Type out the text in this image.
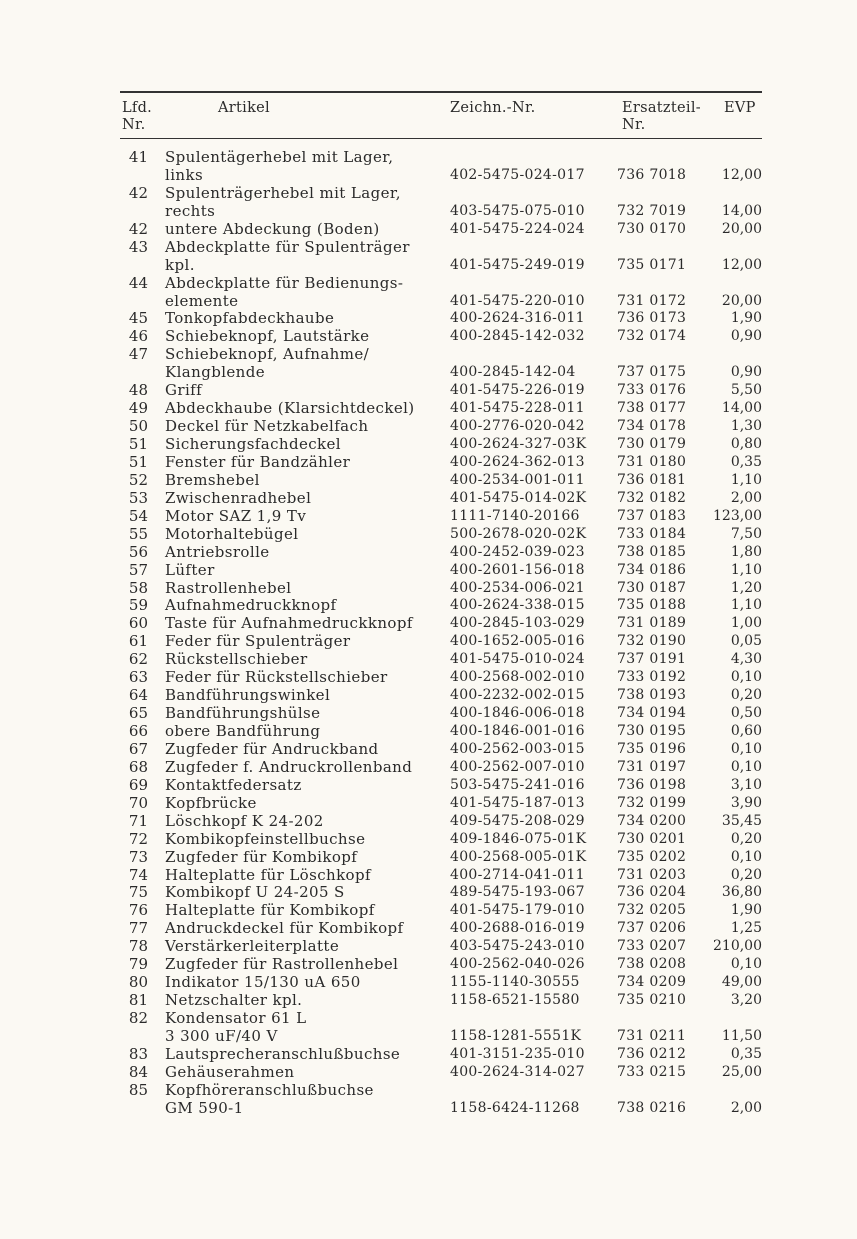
Lfd.
Nr.
Artikel	Zeichn.-Nr.	Ersatzteil-
Nr.
EVP
41 Spulentägerhebel mit Lager,
links	402-5475-024-017 736 7018	12,00
42 Spulenträgerhebel mit Lager,
rechts	403-5475-075-010 732 7019	14,00
42 untere Abdeckung (Boden)	401-5475-224-024 730 0170	20,00
43 Abdeckplatte für Spulenträger
kpl.	401-5475-249-019 735 0171	12,00
44 Abdeckplatte für Bedienungs-
elemente	401-5475-220-010 731 0172	20,00
45 Tonkopfabdeckhaube	400-2624-316-011 736 0173	1,90
46 Schiebeknopf, Lautstärke	400-2845-142-032 732 0174	0,90
47 Schiebeknopf, Aufnahme/
Klangblende	400-2845-142-04	737 0175	0,90
48 Griff	401-5475-226-019 733 0176	5,50
49 Abdeckhaube (Klarsichtdeckel)	401-5475-228-011 738 0177	14,00
50 Deckel für Netzkabelfach	400-2776-020-042 734 0178	1,30
51 Sicherungsfachdeckel	400-2624-327-03K 730 0179	0,80
51 Fenster für Bandzähler	400-2624-362-013 731 0180	0,35
52 Bremshebel	400-2534-001-011 736 0181	1,10
53 Zwischenradhebel	401-5475-014-02K 732 0182	2,00
54 Motor SAZ 1,9 Tv	1111-7140-20166	737 0183 123,00
55 Motorhaltebügel	500-2678-020-02K 733 0184	7,50
56 Antriebsrolle	400-2452-039-023 738 0185	1,80
57 Lüfter	400-2601-156-018 734 0186	1,10
58 Rastrollenhebel	400-2534-006-021 730 0187	1,20
59 Aufnahmedruckknopf	400-2624-338-015 735 0188	1,10
60 Taste für Aufnahmedruckknopf	400-2845-103-029 731 0189	1,00
61 Feder für Spulenträger	400-1652-005-016 732 0190	0,05
62 Rückstellschieber	401-5475-010-024 737 0191	4,30
63 Feder für Rückstellschieber	400-2568-002-010 733 0192	0,10
64 Bandführungswinkel	400-2232-002-015 738 0193	0,20
65 Bandführungshülse	400-1846-006-018 734 0194	0,50
66 obere Bandführung	400-1846-001-016 730 0195	0,60
67 Zugfeder für Andruckband	400-2562-003-015 735 0196	0,10
68 Zugfeder f. Andruckrollenband	400-2562-007-010 731 0197	0,10
69 Kontaktfedersatz	503-5475-241-016 736 0198	3,10
70 Kopfbrücke	401-5475-187-013 732 0199	3,90
71 Löschkopf K 24-202	409-5475-208-029 734 0200	35,45
72 Kombikopfeinstellbuchse	409-1846-075-01K 730 0201	0,20
73 Zugfeder für Kombikopf	400-2568-005-01K 735 0202	0,10
74 Halteplatte für Löschkopf	400-2714-041-011 731 0203	0,20
75 Kombikopf U 24-205 S	489-5475-193-067 736 0204	36,80
76 Halteplatte für Kombikopf	401-5475-179-010 732 0205	1,90
77 Andruckdeckel für Kombikopf	400-2688-016-019 737 0206	1,25
78 Verstärkerleiterplatte	403-5475-243-010 733 0207 210,00
79 Zugfeder für Rastrollenhebel	400-2562-040-026 738 0208	0,10
80 Indikator 15/130 uA 650	1155-1140-30555	734 0209	49,00
81 Netzschalter kpl.	1158-6521-15580	735 0210	3,20
82 Kondensator 61 L
3 300 uF/40 V	1158-1281-5551K	731 0211	11,50
83 Lautsprecheranschlußbuchse	401-3151-235-010 736 0212	0,35
84 Gehäuserahmen	400-2624-314-027 733 0215	25,00
85 Kopfhöreranschlußbuchse
GM 590-1	1158-6424-11268	738 0216	2,00
